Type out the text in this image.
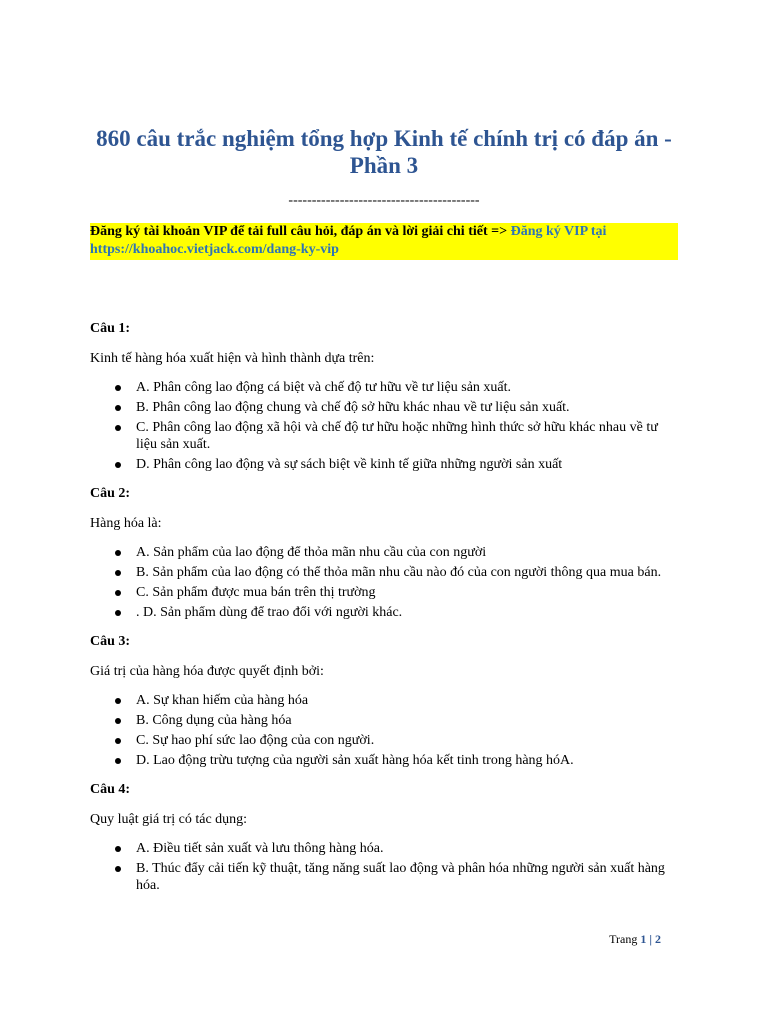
860 câu trắc nghiệm tổng hợp Kinh tế chính trị có đáp án - Phần 3
-----------------------------------------
Đăng ký tài khoản VIP để tải full câu hỏi, đáp án và lời giải chi tiết => Đăng ký VIP tại https://khoahoc.vietjack.com/dang-ky-vip
Câu 1:
Kinh tế hàng hóa xuất hiện và hình thành dựa trên:
A. Phân công lao động cá biệt và chế độ tư hữu về tư liệu sản xuất.
B. Phân công lao động chung và chế độ sở hữu khác nhau về tư liệu sản xuất.
C. Phân công lao động xã hội và chế độ tư hữu hoặc những hình thức sở hữu khác nhau về tư liệu sản xuất.
D. Phân công lao động và sự sách biệt về kinh tế giữa những người sản xuất
Câu 2:
Hàng hóa là:
A. Sản phẩm của lao động để thỏa mãn nhu cầu của con người
B. Sản phẩm của lao động có thể thỏa mãn nhu cầu nào đó của con người thông qua mua bán.
C. Sản phẩm được mua bán trên thị trường
. D. Sản phẩm dùng để trao đổi với người khác.
Câu 3:
Giá trị của hàng hóa được quyết định bởi:
A. Sự khan hiếm của hàng hóa
B. Công dụng của hàng hóa
C. Sự hao phí sức lao động của con người.
D. Lao động trừu tượng của người sản xuất hàng hóa kết tinh trong hàng hóA.
Câu 4:
Quy luật giá trị có tác dụng:
A. Điều tiết sản xuất và lưu thông hàng hóa.
B. Thúc đẩy cải tiến kỹ thuật, tăng năng suất lao động và phân hóa những người sản xuất hàng hóa.
Trang 1 | 2
